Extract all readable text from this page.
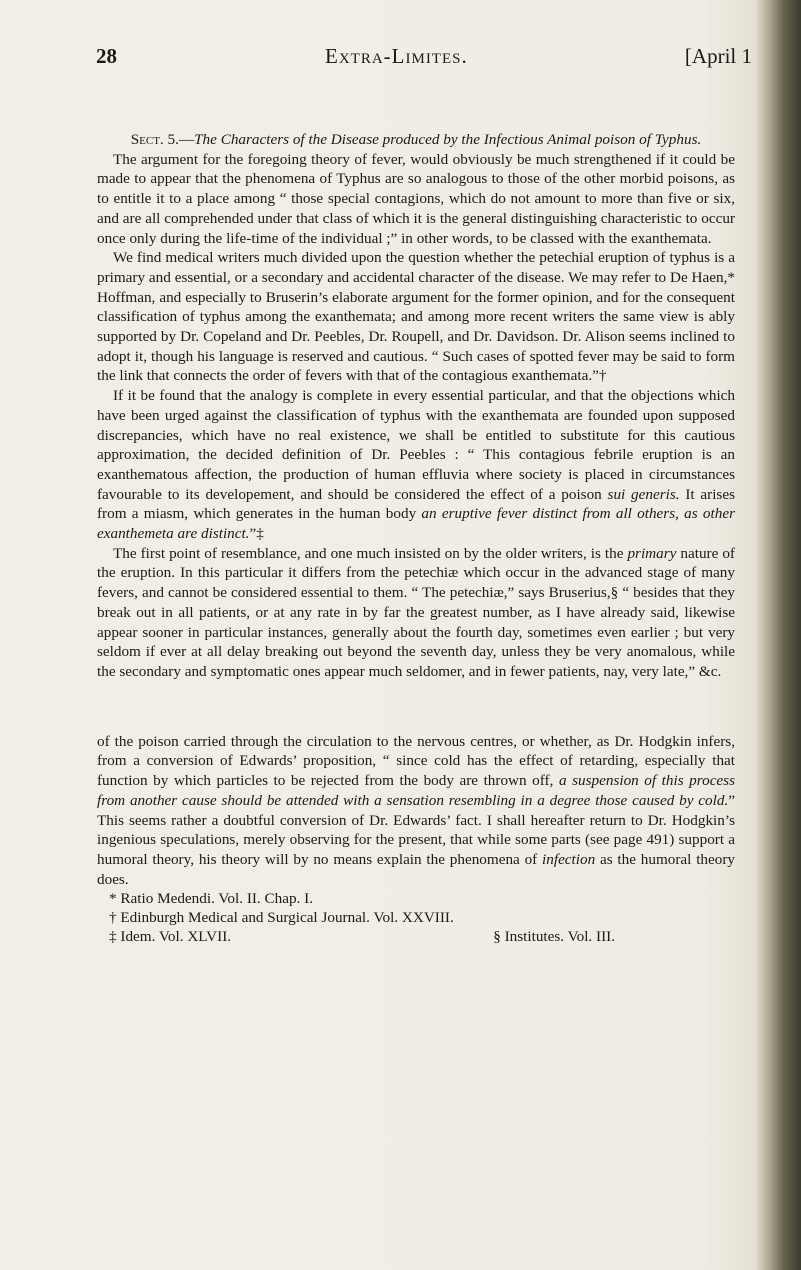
28	Extra-Limites.	[April 1

Sect. 5.—The Characters of the Disease produced by the Infectious Animal poison of Typhus.

The argument for the foregoing theory of fever, would obviously be much strengthened if it could be made to appear that the phenomena of Typhus are so analogous to those of the other morbid poisons, as to entitle it to a place among “ those special contagions, which do not amount to more than five or six, and are all comprehended under that class of which it is the general distinguishing characteristic to occur once only during the life-time of the individual ;” in other words, to be classed with the exanthemata.

We find medical writers much divided upon the question whether the petechial eruption of typhus is a primary and essential, or a secondary and accidental character of the disease. We may refer to De Haen,* Hoffman, and especially to Bruserin’s elaborate argument for the former opinion, and for the consequent classification of typhus among the exanthemata; and among more recent writers the same view is ably supported by Dr. Copeland and Dr. Peebles, Dr. Roupell, and Dr. Davidson. Dr. Alison seems inclined to adopt it, though his language is reserved and cautious. “ Such cases of spotted fever may be said to form the link that connects the order of fevers with that of the contagious exanthemata.”†

If it be found that the analogy is complete in every essential particular, and that the objections which have been urged against the classification of typhus with the exanthemata are founded upon supposed discrepancies, which have no real existence, we shall be entitled to substitute for this cautious approximation, the decided definition of Dr. Peebles : “ This contagious febrile eruption is an exanthematous affection, the production of human effluvia where society is placed in circumstances favourable to its developement, and should be considered the effect of a poison sui generis. It arises from a miasm, which generates in the human body an eruptive fever distinct from all others, as other exanthemeta are distinct.”‡

The first point of resemblance, and one much insisted on by the older writers, is the primary nature of the eruption. In this particular it differs from the petechiæ which occur in the advanced stage of many fevers, and cannot be considered essential to them. “ The petechiæ,” says Bruserius,§ “ besides that they break out in all patients, or at any rate in by far the greatest number, as I have already said, likewise appear sooner in particular instances, generally about the fourth day, sometimes even earlier ; but very seldom if ever at all delay breaking out beyond the seventh day, unless they be very anomalous, while the secondary and symptomatic ones appear much seldomer, and in fewer patients, nay, very late,” &c.

of the poison carried through the circulation to the nervous centres, or whether, as Dr. Hodgkin infers, from a conversion of Edwards’ proposition, “ since cold has the effect of retarding, especially that function by which particles to be rejected from the body are thrown off, a suspension of this process from another cause should be attended with a sensation resembling in a degree those caused by cold.” This seems rather a doubtful conversion of Dr. Edwards’ fact. I shall hereafter return to Dr. Hodgkin’s ingenious speculations, merely observing for the present, that while some parts (see page 491) support a humoral theory, his theory will by no means explain the phenomena of infection as the humoral theory does.

* Ratio Medendi. Vol. II. Chap. I.

† Edinburgh Medical and Surgical Journal. Vol. XXVIII.

‡ Idem. Vol. XLVII.	§ Institutes. Vol. III.
